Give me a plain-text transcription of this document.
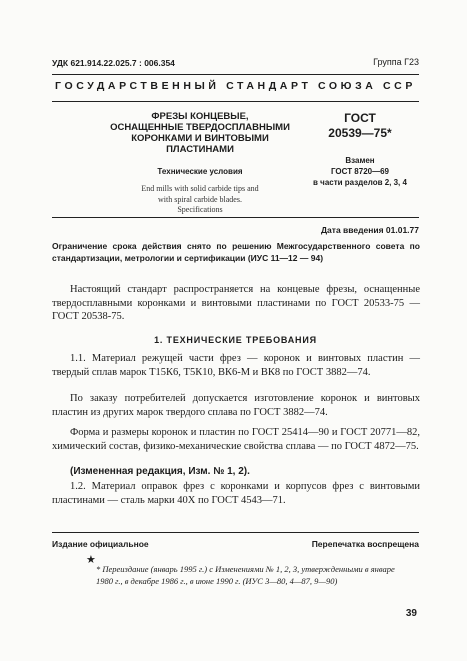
УДК 621.914.22.025.7 : 006.354	Группа Г23
ГОСУДАРСТВЕННЫЙ СТАНДАРТ СОЮЗА ССР
ФРЕЗЫ КОНЦЕВЫЕ,
ОСНАЩЕННЫЕ ТВЕРДОСПЛАВНЫМИ
КОРОНКАМИ И ВИНТОВЫМИ ПЛАСТИНАМИ
Технические условия
End mills with solid carbide tips and
with spiral carbide blades.
Specifications
ГОСТ
20539—75*
Взамен
ГОСТ 8720—69
в части разделов 2, 3, 4
Дата введения 01.01.77
Ограничение срока действия снято по решению Межгосударственного совета по стандартизации, метрологии и сертификации (ИУС 11—12 — 94)
Настоящий стандарт распространяется на концевые фрезы, оснащенные твердосплавными коронками и винтовыми пластинами по ГОСТ 20533-75 — ГОСТ 20538-75.
1. ТЕХНИЧЕСКИЕ ТРЕБОВАНИЯ
1.1. Материал режущей части фрез — коронок и винтовых пластин — твердый сплав марок Т15К6, Т5К10, ВК6-М и ВК8 по ГОСТ 3882—74.
По заказу потребителей допускается изготовление коронок и винтовых пластин из других марок твердого сплава по ГОСТ 3882—74.
Форма и размеры коронок и пластин по ГОСТ 25414—90 и ГОСТ 20771—82, химический состав, физико-механические свойства сплава — по ГОСТ 4872—75.
(Измененная редакция, Изм. № 1, 2).
1.2. Материал оправок фрез с коронками и корпусов фрез с винтовыми пластинами — сталь марки 40Х по ГОСТ 4543—71.
Издание официальное	Перепечатка воспрещена
★
* Переиздание (январь 1995 г.) с Изменениями № 1, 2, 3, утвержденными в январе 1980 г., в декабре 1986 г., в июне 1990 г. (ИУС 3—80, 4—87, 9—90)
39
